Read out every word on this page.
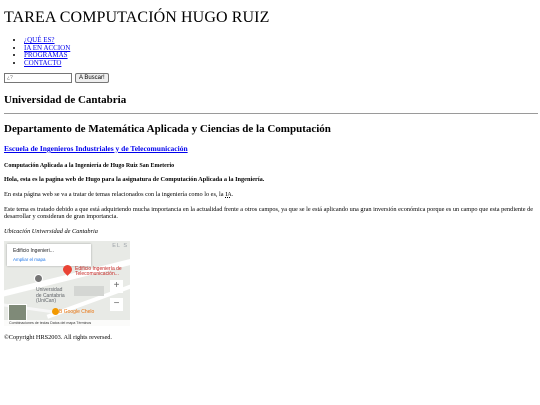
TAREA COMPUTACIÓN HUGO RUIZ
• ¿QUÉ ES?
• IA EN ACCION
• PROGRAMAS
• CONTACTO
¿?
A Buscar!
Universidad de Cantabria
Departamento de Matemática Aplicada y Ciencias de la Computación
Escuela de Ingenieros Industriales y de Telecomunicación
Computación Aplicada a la Ingeniería de Hugo Ruiz San Emeterio

Hola, esta es la pagina web de Hugo para la asignatura de Computación Aplicada a la Ingeniería.

En esta página web se va a tratar de temas relacionados con la ingeniería como lo es, la IA.

Este tema es tratado debido a que está adquiriendo mucha importancia en la actualidad frente a otros campos, ya que se le está aplicando una gran inversión económica porque es un campo que esta pendiente de desarrollar y consideran de gran importancia.

Ubicación Universidad de Cantabria

EL S
Edificio Ingenieri...
Ampliar el mapa
Edificio Ingeniería de
Telecomunicación...
Universidad
de Cantabria
(UniCan)
B Google Chelo
+
−
Combinaciones de teclas Datos del mapa Términos

©Copyright HRS2003. All rights reversed.
